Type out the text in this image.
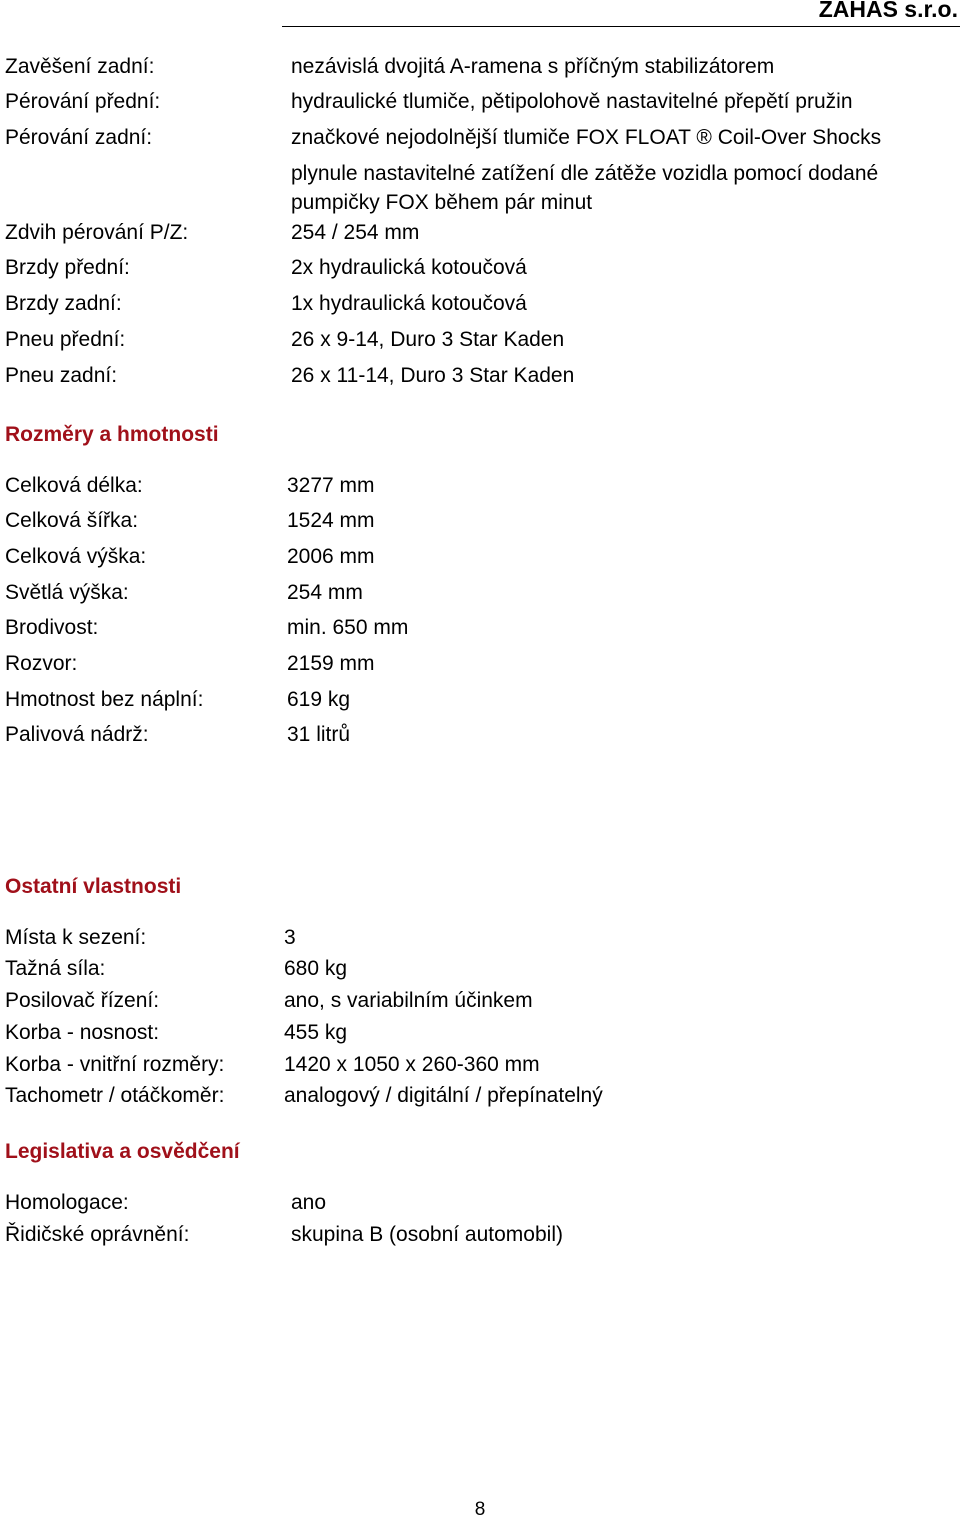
ZAHAS s.r.o.
Zavěšení zadní:	nezávislá dvojitá A-ramena s příčným stabilizátorem
Pérování přední:	hydraulické tlumiče, pětipolohově nastavitelné přepětí pružin
Pérování zadní:	značkové nejodolnější tlumiče FOX FLOAT ® Coil-Over Shocks
plynule nastavitelné zatížení dle zátěže vozidla pomocí dodané
pumpičky FOX během pár minut
Zdvih pérování P/Z:	254 / 254 mm
Brzdy přední:	2x hydraulická kotoučová
Brzdy zadní:	1x hydraulická kotoučová
Pneu přední:	26 x 9-14, Duro 3 Star Kaden
Pneu zadní:	26 x 11-14, Duro 3 Star Kaden
Rozměry a hmotnosti
Celková délka:	3277 mm
Celková šířka:	1524 mm
Celková výška:	2006 mm
Světlá výška:	254 mm
Brodivost:	min. 650 mm
Rozvor:	2159 mm
Hmotnost bez náplní:	619 kg
Palivová nádrž:	31 litrů
Ostatní vlastnosti
Místa k sezení:	3
Tažná síla:	680 kg
Posilovač řízení:	ano, s variabilním účinkem
Korba - nosnost:	455 kg
Korba - vnitřní rozměry:	1420 x 1050 x 260-360 mm
Tachometr / otáčkoměr:	analogový / digitální / přepínatelný
Legislativa a osvědčení
Homologace:	ano
Řidičské oprávnění:	skupina B (osobní automobil)
8
